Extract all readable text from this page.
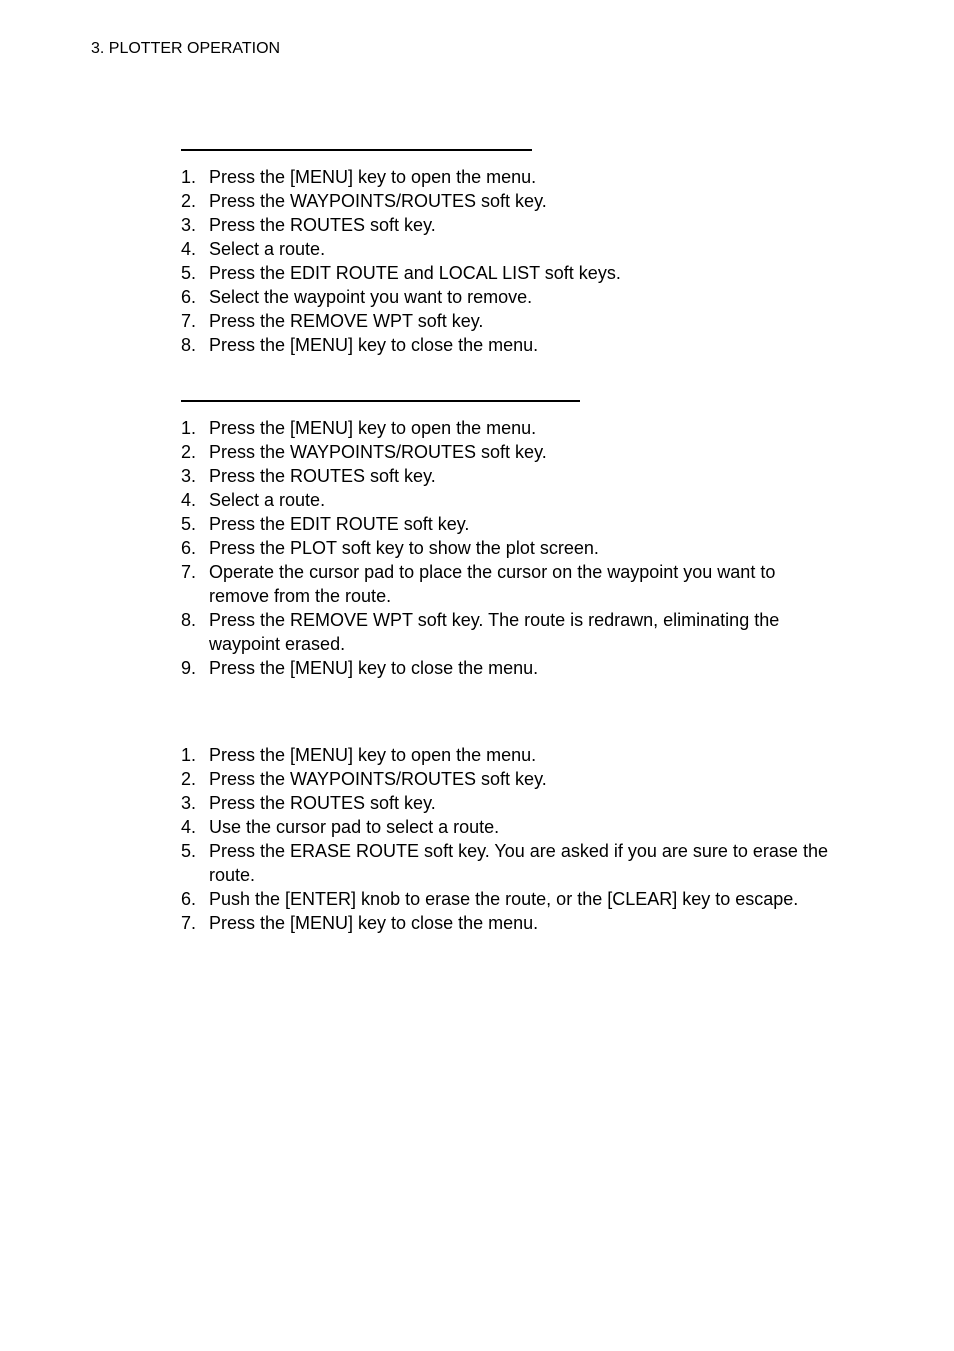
3. PLOTTER OPERATION
1. Press the [MENU] key to open the menu.
2. Press the WAYPOINTS/ROUTES soft key.
3. Press the ROUTES soft key.
4. Select a route.
5. Press the EDIT ROUTE and LOCAL LIST soft keys.
6. Select the waypoint you want to remove.
7. Press the REMOVE WPT soft key.
8. Press the [MENU] key to close the menu.
1. Press the [MENU] key to open the menu.
2. Press the WAYPOINTS/ROUTES soft key.
3. Press the ROUTES soft key.
4. Select a route.
5. Press the EDIT ROUTE soft key.
6. Press the PLOT soft key to show the plot screen.
7. Operate the cursor pad to place the cursor on the waypoint you want to remove from the route.
8. Press the REMOVE WPT soft key. The route is redrawn, eliminating the waypoint erased.
9. Press the [MENU] key to close the menu.
1. Press the [MENU] key to open the menu.
2. Press the WAYPOINTS/ROUTES soft key.
3. Press the ROUTES soft key.
4. Use the cursor pad to select a route.
5. Press the ERASE ROUTE soft key. You are asked if you are sure to erase the route.
6. Push the [ENTER] knob to erase the route, or the [CLEAR] key to escape.
7. Press the [MENU] key to close the menu.
